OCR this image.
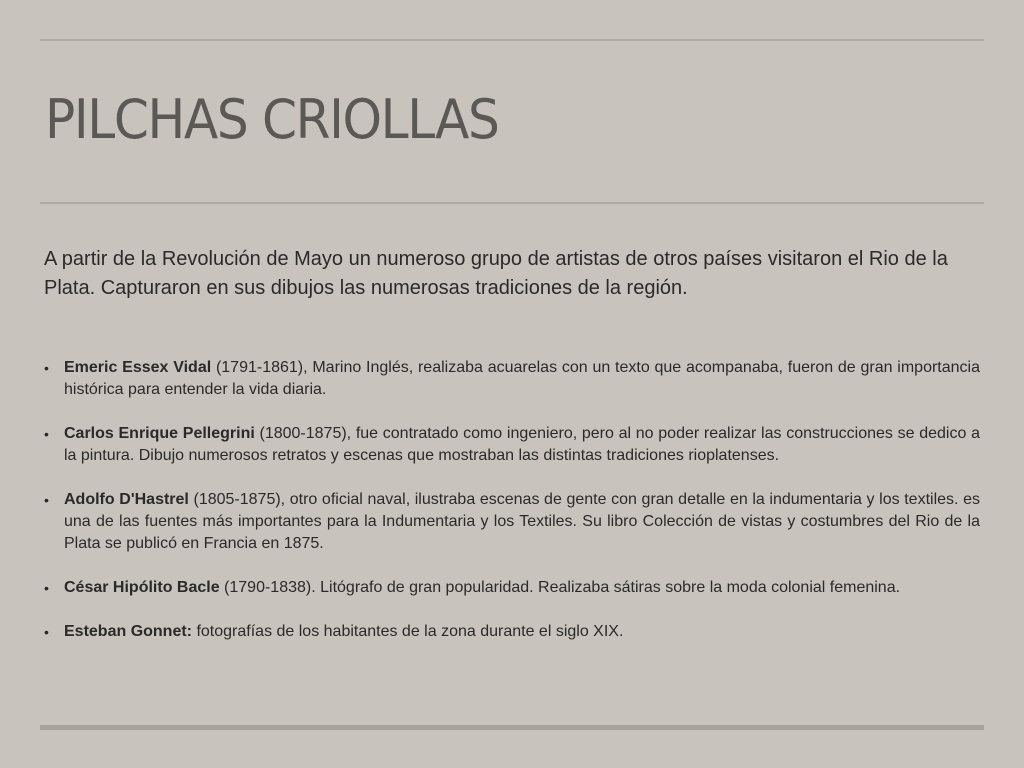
PILCHAS CRIOLLAS

A partir de la Revolución de Mayo un numeroso grupo de artistas de otros países visitaron el Rio de la Plata. Capturaron en sus dibujos las numerosas tradiciones de la región.

• Emeric Essex Vidal (1791-1861), Marino Inglés, realizaba acuarelas con un texto que acompanaba, fueron de gran importancia histórica para entender la vida diaria.
• Carlos Enrique Pellegrini (1800-1875), fue contratado como ingeniero, pero al no poder realizar las construcciones se dedico a la pintura. Dibujo numerosos retratos y escenas que mostraban las distintas tradiciones rioplatenses.
• Adolfo D'Hastrel (1805-1875), otro oficial naval, ilustraba escenas de gente con gran detalle en la indumentaria y los textiles. es una de las fuentes más importantes para la Indumentaria y los Textiles. Su libro Colección de vistas y costumbres del Rio de la Plata se publicó en Francia en 1875.
• César Hipólito Bacle (1790-1838). Litógrafo de gran popularidad. Realizaba sátiras sobre la moda colonial femenina.
• Esteban Gonnet: fotografías de los habitantes de la zona durante el siglo XIX.
